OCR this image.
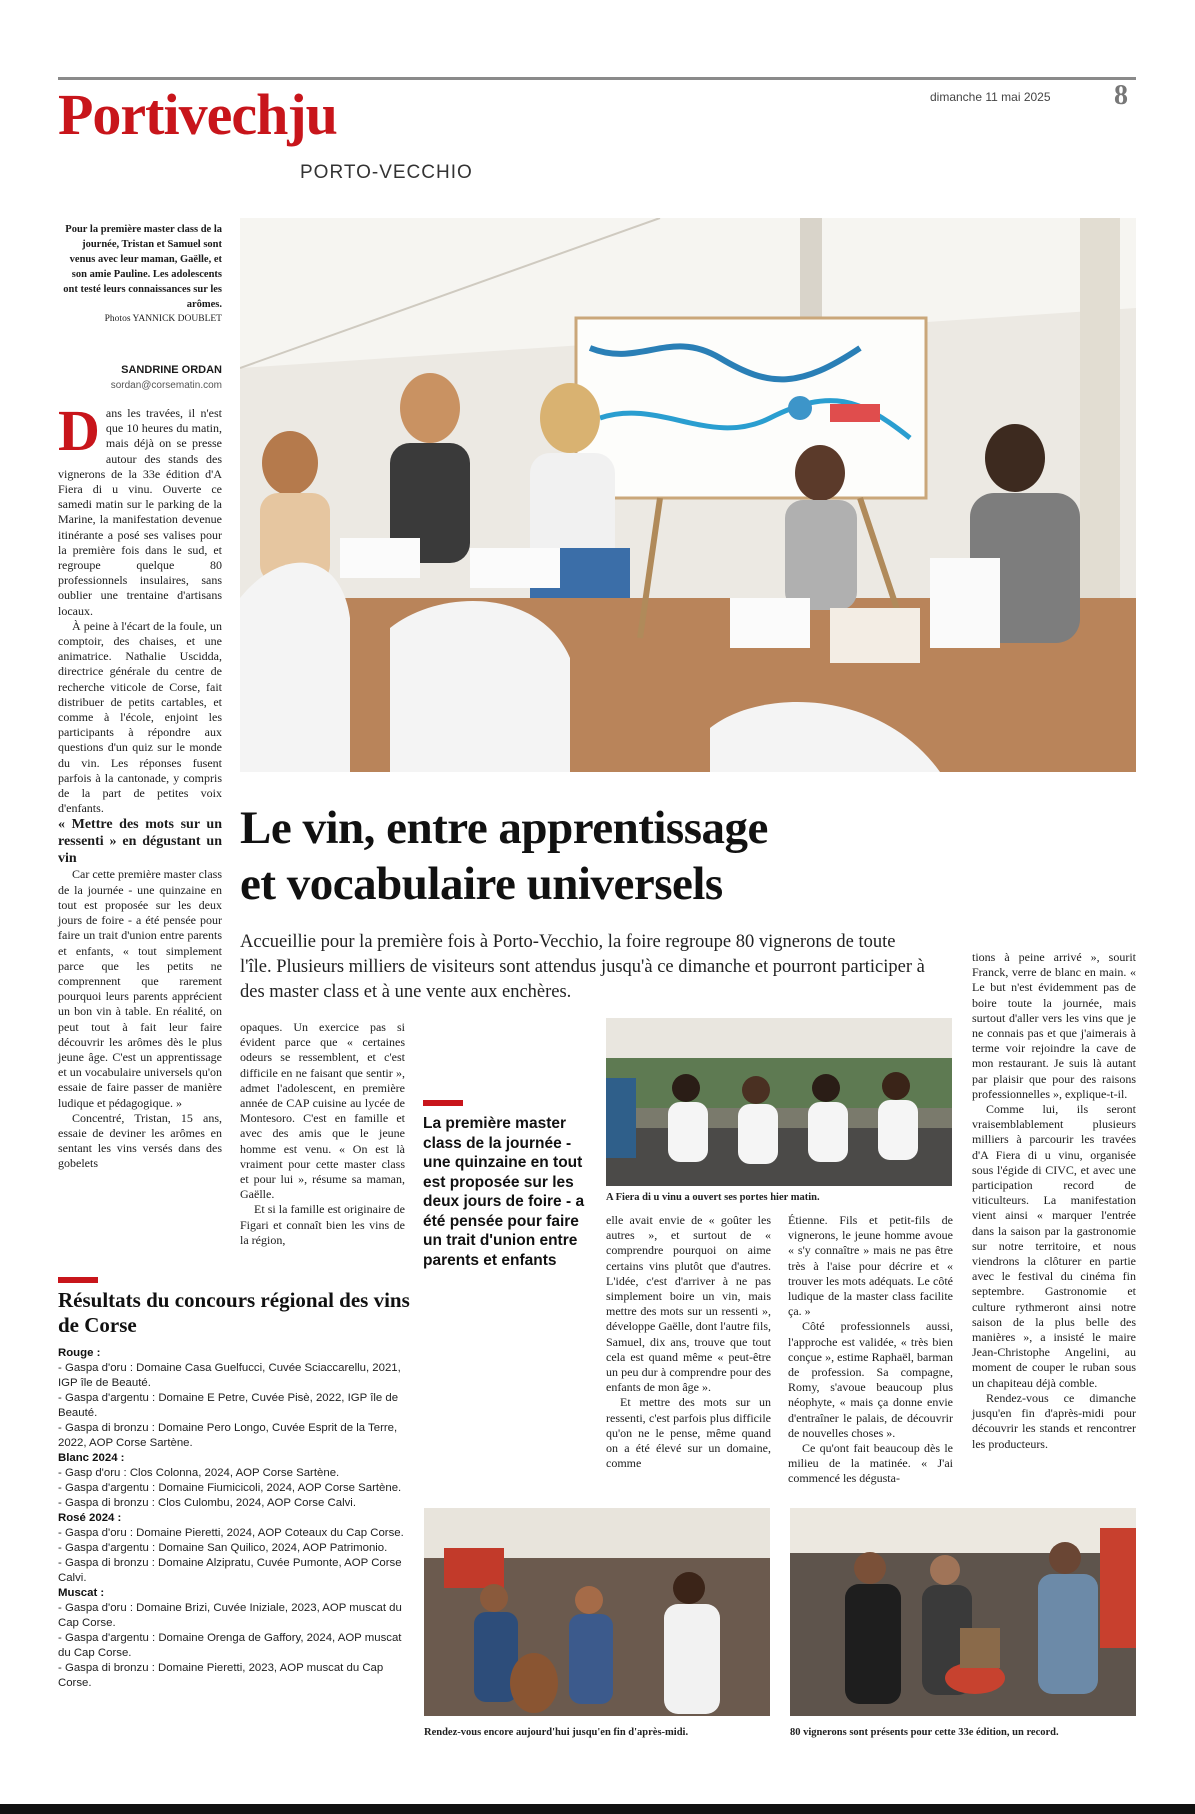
Portivechju
PORTO-VECCHIO
dimanche 11 mai 2025 8
Pour la première master class de la journée, Tristan et Samuel sont venus avec leur maman, Gaëlle, et son amie Pauline. Les adolescents ont testé leurs connaissances sur les arômes.
Photos YANNICK DOUBLET
SANDRINE ORDAN
sordan@corsematin.com

Dans les travées, il n'est que 10 heures du matin, mais déjà on se presse autour des stands des vignerons de la 33e édition d'A Fiera di u vinu. Ouverte ce samedi matin sur le parking de la Marine, la manifestation devenue itinérante a posé ses valises pour la première fois dans le sud, et regroupe quelque 80 professionnels insulaires, sans oublier une trentaine d'artisans locaux.

À peine à l'écart de la foule, un comptoir, des chaises, et une animatrice. Nathalie Uscidda, directrice générale du centre de recherche viticole de Corse, fait distribuer de petits cartables, et comme à l'école, enjoint les participants à répondre aux questions d'un quiz sur le monde du vin. Les réponses fusent parfois à la cantonade, y compris de la part de petites voix d'enfants.

« Mettre des mots sur un ressenti » en dégustant un vin

Car cette première master class de la journée - une quinzaine en tout est proposée sur les deux jours de foire - a été pensée pour faire un trait d'union entre parents et enfants, « tout simplement parce que les petits ne comprennent que rarement pourquoi leurs parents apprécient un bon vin à table. En réalité, on peut tout à fait leur faire découvrir les arômes dès le plus jeune âge. C'est un apprentissage et un vocabulaire universels qu'on essaie de faire passer de manière ludique et pédagogique. »

Concentré, Tristan, 15 ans, essaie de deviner les arômes en sentant les vins versés dans des gobelets

Le vin, entre apprentissage
et vocabulaire universels
Accueillie pour la première fois à Porto-Vecchio, la foire regroupe 80 vignerons de toute l'île. Plusieurs milliers de visiteurs sont attendus jusqu'à ce dimanche et pourront participer à des master class et à une vente aux enchères.

opaques. Un exercice pas si évident parce que « certaines odeurs se ressemblent, et c'est difficile en ne faisant que sentir », admet l'adolescent, en première année de CAP cuisine au lycée de Montesoro. C'est en famille et avec des amis que le jeune homme est venu. « On est là vraiment pour cette master class et pour lui », résume sa maman, Gaëlle.

Et si la famille est originaire de Figari et connaît bien les vins de la région,

La première master class de la journée - une quinzaine en tout est proposée sur les deux jours de foire - a été pensée pour faire un trait d'union entre parents et enfants
A Fiera di u vinu a ouvert ses portes hier matin.

elle avait envie de « goûter les autres », et surtout de « comprendre pourquoi on aime certains vins plutôt que d'autres. L'idée, c'est d'arriver à ne pas simplement boire un vin, mais mettre des mots sur un ressenti », développe Gaëlle, dont l'autre fils, Samuel, dix ans, trouve que tout cela est quand même « peut-être un peu dur à comprendre pour des enfants de mon âge ».

Et mettre des mots sur un ressenti, c'est parfois plus difficile qu'on ne le pense, même quand on a été élevé sur un domaine, comme

Étienne. Fils et petit-fils de vignerons, le jeune homme avoue « s'y connaître » mais ne pas être très à l'aise pour décrire et « trouver les mots adéquats. Le côté ludique de la master class facilite ça. »

Côté professionnels aussi, l'approche est validée, « très bien conçue », estime Raphaël, barman de profession. Sa compagne, Romy, s'avoue beaucoup plus néophyte, « mais ça donne envie d'entraîner le palais, de découvrir de nouvelles choses ».

Ce qu'ont fait beaucoup dès le milieu de la matinée. « J'ai commencé les dégusta-

tions à peine arrivé », sourit Franck, verre de blanc en main. « Le but n'est évidemment pas de boire toute la journée, mais surtout d'aller vers les vins que je ne connais pas et que j'aimerais à terme voir rejoindre la cave de mon restaurant. Je suis là autant par plaisir que pour des raisons professionnelles », explique-t-il.

Comme lui, ils seront vraisemblablement plusieurs milliers à parcourir les travées d'A Fiera di u vinu, organisée sous l'égide di CIVC, et avec une participation record de viticulteurs. La manifestation vient ainsi « marquer l'entrée dans la saison par la gastronomie sur notre territoire, et nous viendrons la clôturer en partie avec le festival du cinéma fin septembre. Gastronomie et culture rythmeront ainsi notre saison de la plus belle des manières », a insisté le maire Jean-Christophe Angelini, au moment de couper le ruban sous un chapiteau déjà comble.

Rendez-vous ce dimanche jusqu'en fin d'après-midi pour découvrir les stands et rencontrer les producteurs.

Résultats du concours régional des vins de Corse
Rouge :
- Gaspa d'oru : Domaine Casa Guelfucci, Cuvée Sciaccarellu, 2021, IGP île de Beauté.
- Gaspa d'argentu : Domaine E Petre, Cuvée Pisè, 2022, IGP île de Beauté.
- Gaspa di bronzu : Domaine Pero Longo, Cuvée Esprit de la Terre, 2022, AOP Corse Sartène.
Blanc 2024 :
- Gasp d'oru : Clos Colonna, 2024, AOP Corse Sartène.
- Gaspa d'argentu : Domaine Fiumicicoli, 2024, AOP Corse Sartène.
- Gaspa di bronzu : Clos Culombu, 2024, AOP Corse Calvi.
Rosé 2024 :
- Gaspa d'oru : Domaine Pieretti, 2024, AOP Coteaux du Cap Corse.
- Gaspa d'argentu : Domaine San Quilico, 2024, AOP Patrimonio.
- Gaspa di bronzu : Domaine Alzipratu, Cuvée Pumonte, AOP Corse Calvi.
Muscat :
- Gaspa d'oru : Domaine Brizi, Cuvée Iniziale, 2023, AOP muscat du Cap Corse.
- Gaspa d'argentu : Domaine Orenga de Gaffory, 2024, AOP muscat du Cap Corse.
- Gaspa di bronzu : Domaine Pieretti, 2023, AOP muscat du Cap Corse.
Rendez-vous encore aujourd'hui jusqu'en fin d'après-midi.	80 vignerons sont présents pour cette 33e édition, un record.
